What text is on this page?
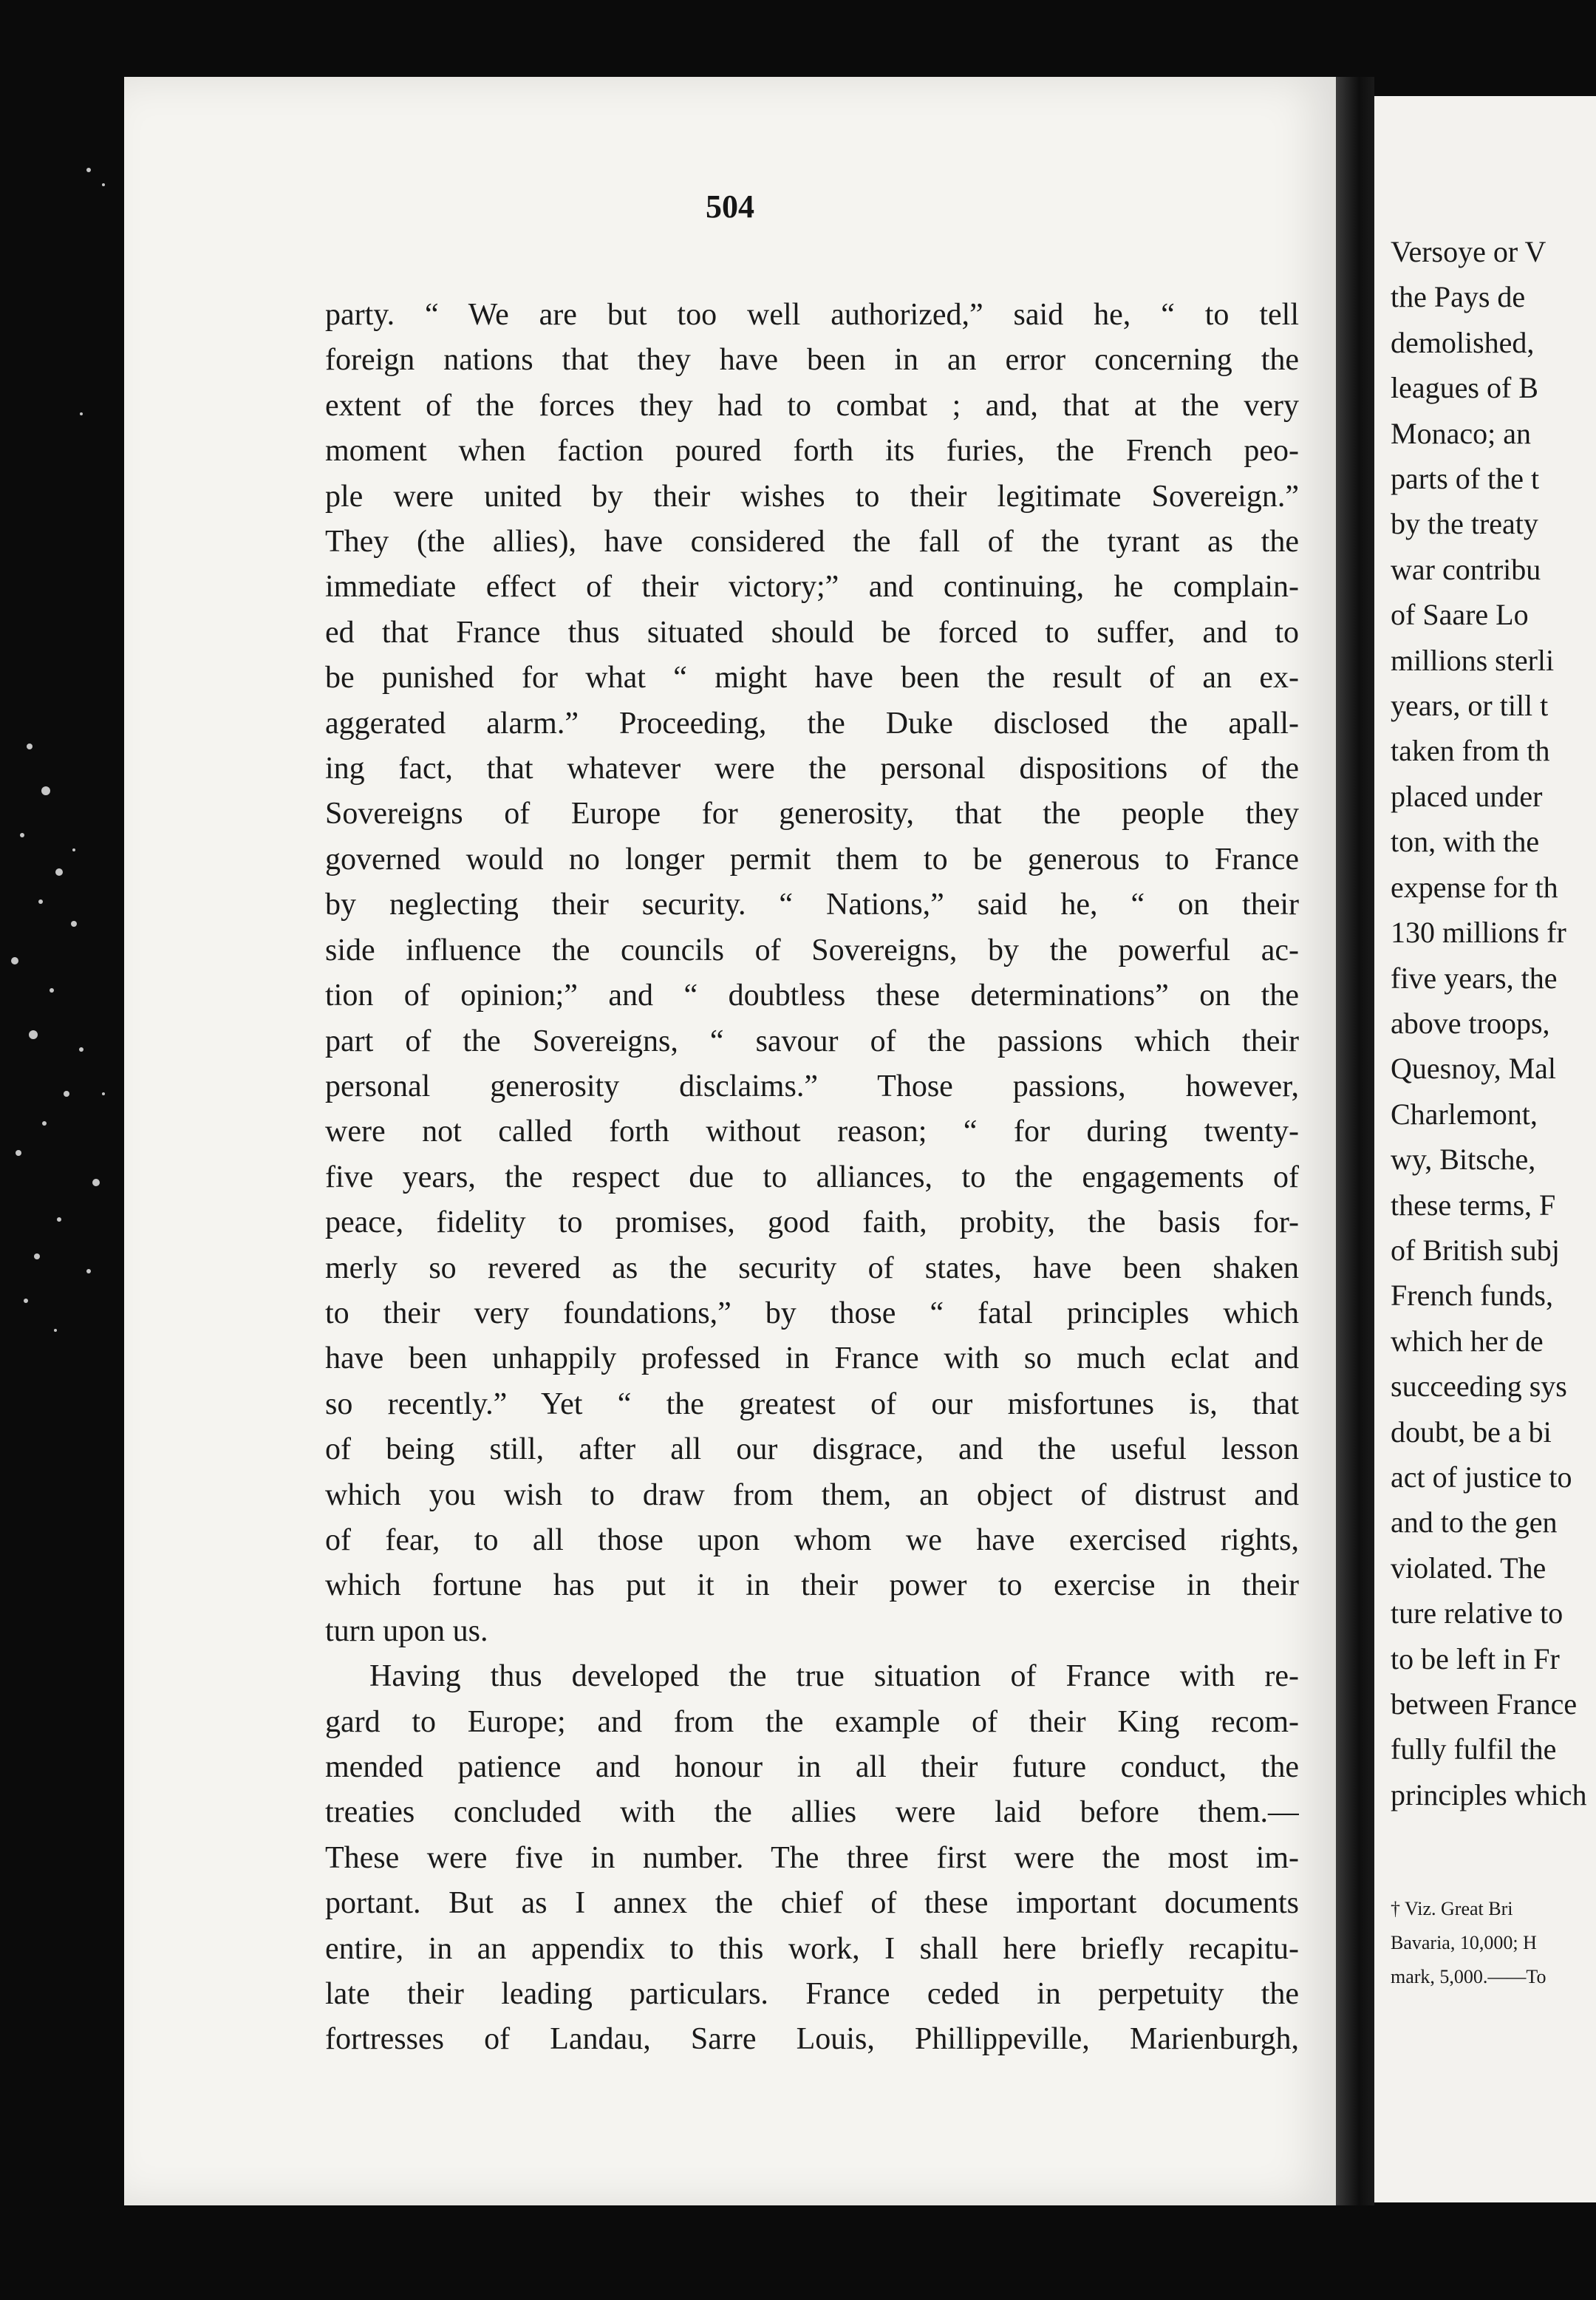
504
party. “ We are but too well authorized,” said he, “ to tell
foreign nations that they have been in an error concerning the
extent of the forces they had to combat ; and, that at the very
moment when faction poured forth its furies, the French peo-
ple were united by their wishes to their legitimate Sovereign.”
They (the allies), have considered the fall of the tyrant as the
immediate effect of their victory;” and continuing, he complain-
ed that France thus situated should be forced to suffer, and to
be punished for what “ might have been the result of an ex-
aggerated alarm.” Proceeding, the Duke disclosed the apall-
ing fact, that whatever were the personal dispositions of the
Sovereigns of Europe for generosity, that the people they
governed would no longer permit them to be generous to France
by neglecting their security. “ Nations,” said he, “ on their
side influence the councils of Sovereigns, by the powerful ac-
tion of opinion;” and “ doubtless these determinations” on the
part of the Sovereigns, “ savour of the passions which their
personal generosity disclaims.” Those passions, however,
were not called forth without reason; “ for during twenty-
five years, the respect due to alliances, to the engagements of
peace, fidelity to promises, good faith, probity, the basis for-
merly so revered as the security of states, have been shaken
to their very foundations,” by those “ fatal principles which
have been unhappily professed in France with so much eclat and
so recently.” Yet “ the greatest of our misfortunes is, that
of being still, after all our disgrace, and the useful lesson
which you wish to draw from them, an object of distrust and
of fear, to all those upon whom we have exercised rights,
which fortune has put it in their power to exercise in their
turn upon us.
Having thus developed the true situation of France with re-
gard to Europe; and from the example of their King recom-
mended patience and honour in all their future conduct, the
treaties concluded with the allies were laid before them.—
These were five in number. The three first were the most im-
portant. But as I annex the chief of these important documents
entire, in an appendix to this work, I shall here briefly recapitu-
late their leading particulars. France ceded in perpetuity the
fortresses of Landau, Sarre Louis, Phillippeville, Marienburgh,
Versoye or V
the Pays de
demolished,
leagues of B
Monaco; an
parts of the t
by the treaty
war contribu
of Saare Lo
millions sterli
years, or till t
taken from th
placed under
ton, with the
expense for th
130 millions fr
five years, the
above troops,
Quesnoy, Mal
Charlemont,
wy, Bitsche,
these terms, F
of British subj
French funds,
which her de
succeeding sys
doubt, be a bi
act of justice to
and to the gen
violated. The
ture relative to
to be left in Fr
between France
fully fulfil the
principles which
† Viz. Great Bri
Bavaria, 10,000; H
mark, 5,000.——To
